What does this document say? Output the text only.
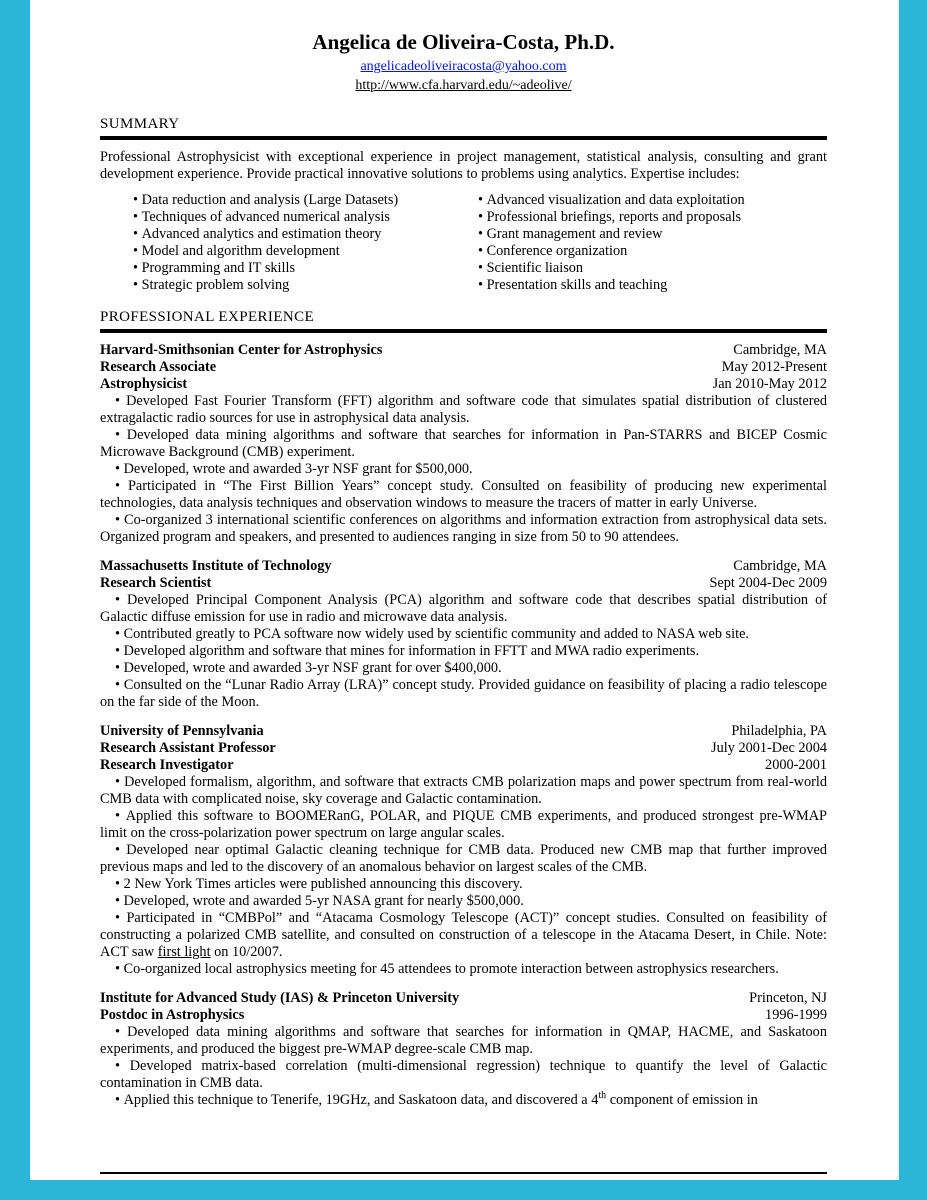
Angelica de Oliveira-Costa, Ph.D.
angelicadeoliveiracosta@yahoo.com
http://www.cfa.harvard.edu/~adeolive/
SUMMARY

Professional Astrophysicist with exceptional experience in project management, statistical analysis, consulting and grant development experience. Provide practical innovative solutions to problems using analytics. Expertise includes:

• Data reduction and analysis (Large Datasets)
• Techniques of advanced numerical analysis
• Advanced analytics and estimation theory
• Model and algorithm development
• Programming and IT skills
• Strategic problem solving
• Advanced visualization and data exploitation
• Professional briefings, reports and proposals
• Grant management and review
• Conference organization
• Scientific liaison
• Presentation skills and teaching
PROFESSIONAL EXPERIENCE
Harvard-Smithsonian Center for Astrophysics	Cambridge, MA
Research Associate	May 2012-Present
Astrophysicist	Jan 2010-May 2012
• Developed Fast Fourier Transform (FFT) algorithm and software code that simulates spatial distribution of clustered extragalactic radio sources for use in astrophysical data analysis.
• Developed data mining algorithms and software that searches for information in Pan-STARRS and BICEP Cosmic Microwave Background (CMB) experiment.
• Developed, wrote and awarded 3-yr NSF grant for $500,000.
• Participated in “The First Billion Years” concept study. Consulted on feasibility of producing new experimental technologies, data analysis techniques and observation windows to measure the tracers of matter in early Universe.
• Co-organized 3 international scientific conferences on algorithms and information extraction from astrophysical data sets. Organized program and speakers, and presented to audiences ranging in size from 50 to 90 attendees.
Massachusetts Institute of Technology	Cambridge, MA
Research Scientist	Sept 2004-Dec 2009
• Developed Principal Component Analysis (PCA) algorithm and software code that describes spatial distribution of Galactic diffuse emission for use in radio and microwave data analysis.
• Contributed greatly to PCA software now widely used by scientific community and added to NASA web site.
• Developed algorithm and software that mines for information in FFTT and MWA radio experiments.
• Developed, wrote and awarded 3-yr NSF grant for over $400,000.
• Consulted on the “Lunar Radio Array (LRA)” concept study. Provided guidance on feasibility of placing a radio telescope on the far side of the Moon.
University of Pennsylvania	Philadelphia, PA
Research Assistant Professor	July 2001-Dec 2004
Research Investigator	2000-2001
• Developed formalism, algorithm, and software that extracts CMB polarization maps and power spectrum from real-world CMB data with complicated noise, sky coverage and Galactic contamination.
• Applied this software to BOOMERanG, POLAR, and PIQUE CMB experiments, and produced strongest pre-WMAP limit on the cross-polarization power spectrum on large angular scales.
• Developed near optimal Galactic cleaning technique for CMB data. Produced new CMB map that further improved previous maps and led to the discovery of an anomalous behavior on largest scales of the CMB.
• 2 New York Times articles were published announcing this discovery.
• Developed, wrote and awarded 5-yr NASA grant for nearly $500,000.
• Participated in “CMBPol” and “Atacama Cosmology Telescope (ACT)” concept studies. Consulted on feasibility of constructing a polarized CMB satellite, and consulted on construction of a telescope in the Atacama Desert, in Chile. Note: ACT saw first light on 10/2007.
• Co-organized local astrophysics meeting for 45 attendees to promote interaction between astrophysics researchers.
Institute for Advanced Study (IAS) & Princeton University	Princeton, NJ
Postdoc in Astrophysics	1996-1999
• Developed data mining algorithms and software that searches for information in QMAP, HACME, and Saskatoon experiments, and produced the biggest pre-WMAP degree-scale CMB map.
• Developed matrix-based correlation (multi-dimensional regression) technique to quantify the level of Galactic contamination in CMB data.
• Applied this technique to Tenerife, 19GHz, and Saskatoon data, and discovered a 4th component of emission in
